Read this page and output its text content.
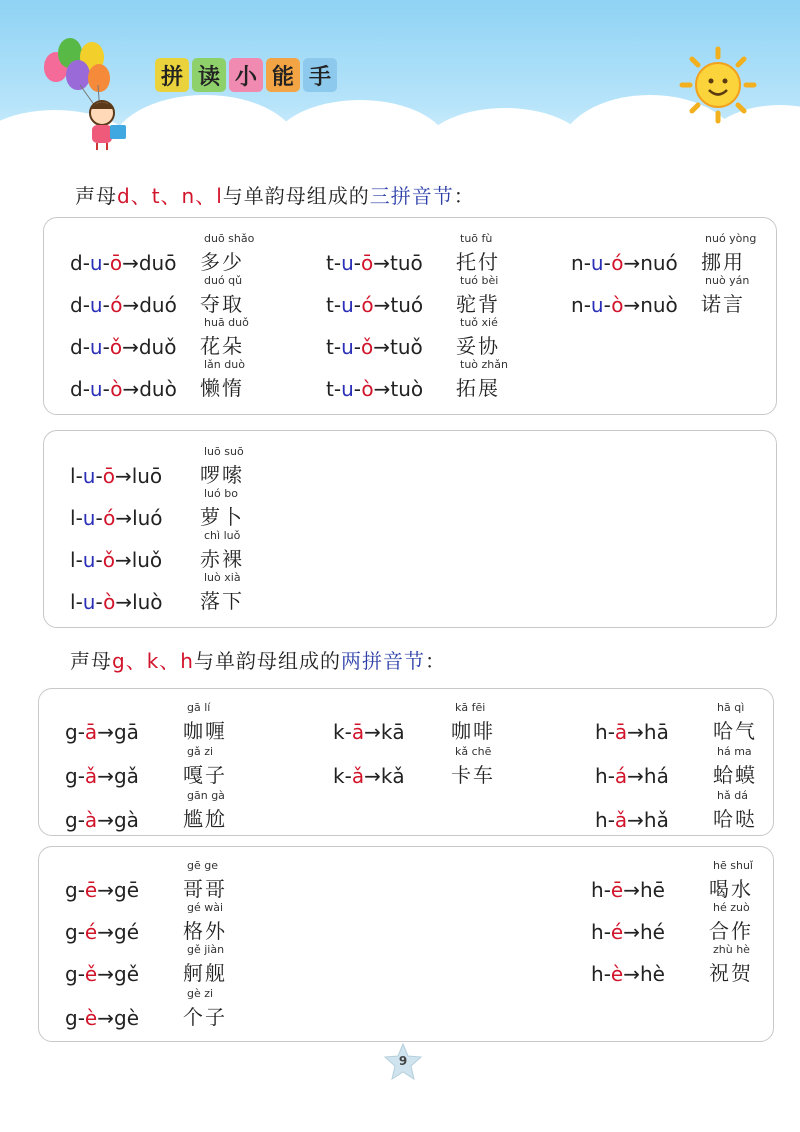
拼 读 小 能 手
声母d、t、n、l与单韵母组成的三拼音节：
d-u-ō→duō
duō shǎo
多少
d-u-ó→duó
duó qǔ
夺取
d-u-ǒ→duǒ
huā duǒ
花朵
d-u-ò→duò
lǎn duò
懒惰
t-u-ō→tuō
tuō fù
托付
t-u-ó→tuó
tuó bèi
驼背
t-u-ǒ→tuǒ
tuǒ xié
妥协
t-u-ò→tuò
tuò zhǎn
拓展
n-u-ó→nuó
nuó yòng
挪用
n-u-ò→nuò
nuò yán
诺言
l-u-ō→luō
luō suō
啰嗦
l-u-ó→luó
luó bo
萝卜
l-u-ǒ→luǒ
chì luǒ
赤裸
l-u-ò→luò
luò xià
落下
声母g、k、h与单韵母组成的两拼音节：
g-ā→gā
gā lí
咖喱
g-ǎ→gǎ
gǎ zi
嘎子
g-à→gà
gān gà
尴尬
k-ā→kā
kā fēi
咖啡
k-ǎ→kǎ
kǎ chē
卡车
h-ā→hā
hā qì
哈气
h-á→há
há ma
蛤蟆
h-ǎ→hǎ
hǎ dá
哈哒
g-ē→gē
gē ge
哥哥
g-é→gé
gé wài
格外
g-ě→gě
gě jiàn
舸舰
g-è→gè
gè zi
个子
h-ē→hē
hē shuǐ
喝水
h-é→hé
hé zuò
合作
h-è→hè
zhù hè
祝贺
9
